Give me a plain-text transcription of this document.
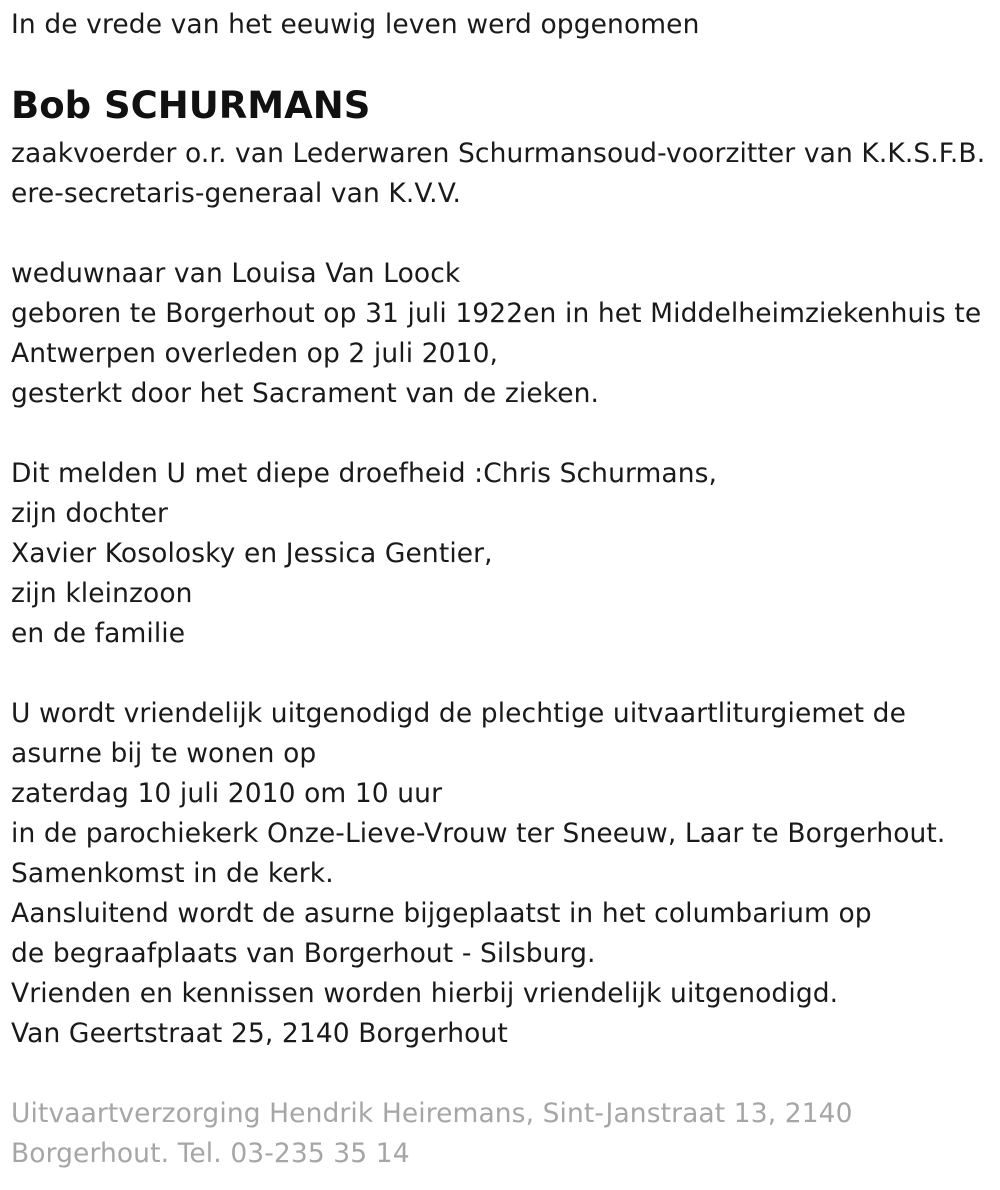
In de vrede van het eeuwig leven werd opgenomen
Bob SCHURMANS
zaakvoerder o.r. van Lederwaren Schurmansoud-voorzitter van K.K.S.F.B.
ere-secretaris-generaal van K.V.V.
weduwnaar van Louisa Van Loock
geboren te Borgerhout op 31 juli 1922en in het Middelheimziekenhuis te
Antwerpen overleden op 2 juli 2010,
gesterkt door het Sacrament van de zieken.
Dit melden U met diepe droefheid :Chris Schurmans,
zijn dochter
Xavier Kosolosky en Jessica Gentier,
zijn kleinzoon
en de familie
U wordt vriendelijk uitgenodigd de plechtige uitvaartliturgiemet de
asurne bij te wonen op
zaterdag 10 juli 2010 om 10 uur
in de parochiekerk Onze-Lieve-Vrouw ter Sneeuw, Laar te Borgerhout.
Samenkomst in de kerk.
Aansluitend wordt de asurne bijgeplaatst in het columbarium op
de begraafplaats van Borgerhout - Silsburg.
Vrienden en kennissen worden hierbij vriendelijk uitgenodigd.
Van Geertstraat 25, 2140 Borgerhout
Uitvaartverzorging Hendrik Heiremans, Sint-Janstraat 13, 2140
Borgerhout. Tel. 03-235 35 14
